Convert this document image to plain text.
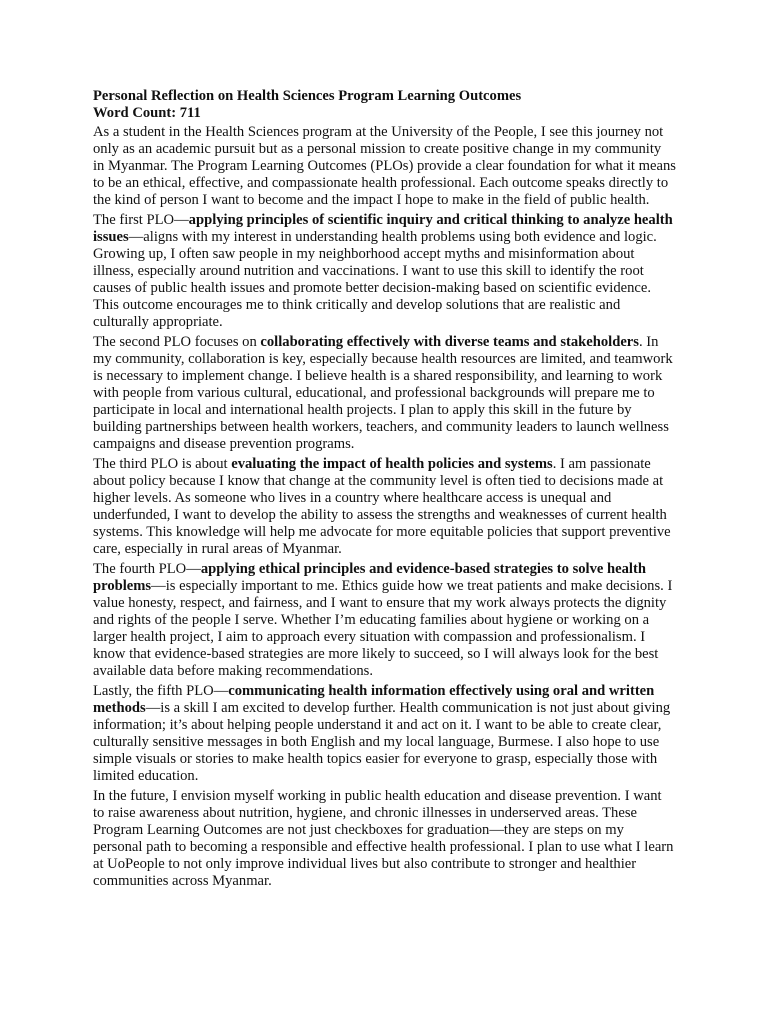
Personal Reflection on Health Sciences Program Learning Outcomes

Word Count: 711

As a student in the Health Sciences program at the University of the People, I see this journey not only as an academic pursuit but as a personal mission to create positive change in my community in Myanmar. The Program Learning Outcomes (PLOs) provide a clear foundation for what it means to be an ethical, effective, and compassionate health professional. Each outcome speaks directly to the kind of person I want to become and the impact I hope to make in the field of public health.

The first PLO—applying principles of scientific inquiry and critical thinking to analyze health issues—aligns with my interest in understanding health problems using both evidence and logic. Growing up, I often saw people in my neighborhood accept myths and misinformation about illness, especially around nutrition and vaccinations. I want to use this skill to identify the root causes of public health issues and promote better decision-making based on scientific evidence. This outcome encourages me to think critically and develop solutions that are realistic and culturally appropriate.

The second PLO focuses on collaborating effectively with diverse teams and stakeholders. In my community, collaboration is key, especially because health resources are limited, and teamwork is necessary to implement change. I believe health is a shared responsibility, and learning to work with people from various cultural, educational, and professional backgrounds will prepare me to participate in local and international health projects. I plan to apply this skill in the future by building partnerships between health workers, teachers, and community leaders to launch wellness campaigns and disease prevention programs.

The third PLO is about evaluating the impact of health policies and systems. I am passionate about policy because I know that change at the community level is often tied to decisions made at higher levels. As someone who lives in a country where healthcare access is unequal and underfunded, I want to develop the ability to assess the strengths and weaknesses of current health systems. This knowledge will help me advocate for more equitable policies that support preventive care, especially in rural areas of Myanmar.

The fourth PLO—applying ethical principles and evidence-based strategies to solve health problems—is especially important to me. Ethics guide how we treat patients and make decisions. I value honesty, respect, and fairness, and I want to ensure that my work always protects the dignity and rights of the people I serve. Whether I’m educating families about hygiene or working on a larger health project, I aim to approach every situation with compassion and professionalism. I know that evidence-based strategies are more likely to succeed, so I will always look for the best available data before making recommendations.

Lastly, the fifth PLO—communicating health information effectively using oral and written methods—is a skill I am excited to develop further. Health communication is not just about giving information; it’s about helping people understand it and act on it. I want to be able to create clear, culturally sensitive messages in both English and my local language, Burmese. I also hope to use simple visuals or stories to make health topics easier for everyone to grasp, especially those with limited education.

In the future, I envision myself working in public health education and disease prevention. I want to raise awareness about nutrition, hygiene, and chronic illnesses in underserved areas. These Program Learning Outcomes are not just checkboxes for graduation—they are steps on my personal path to becoming a responsible and effective health professional. I plan to use what I learn at UoPeople to not only improve individual lives but also contribute to stronger and healthier communities across Myanmar.
